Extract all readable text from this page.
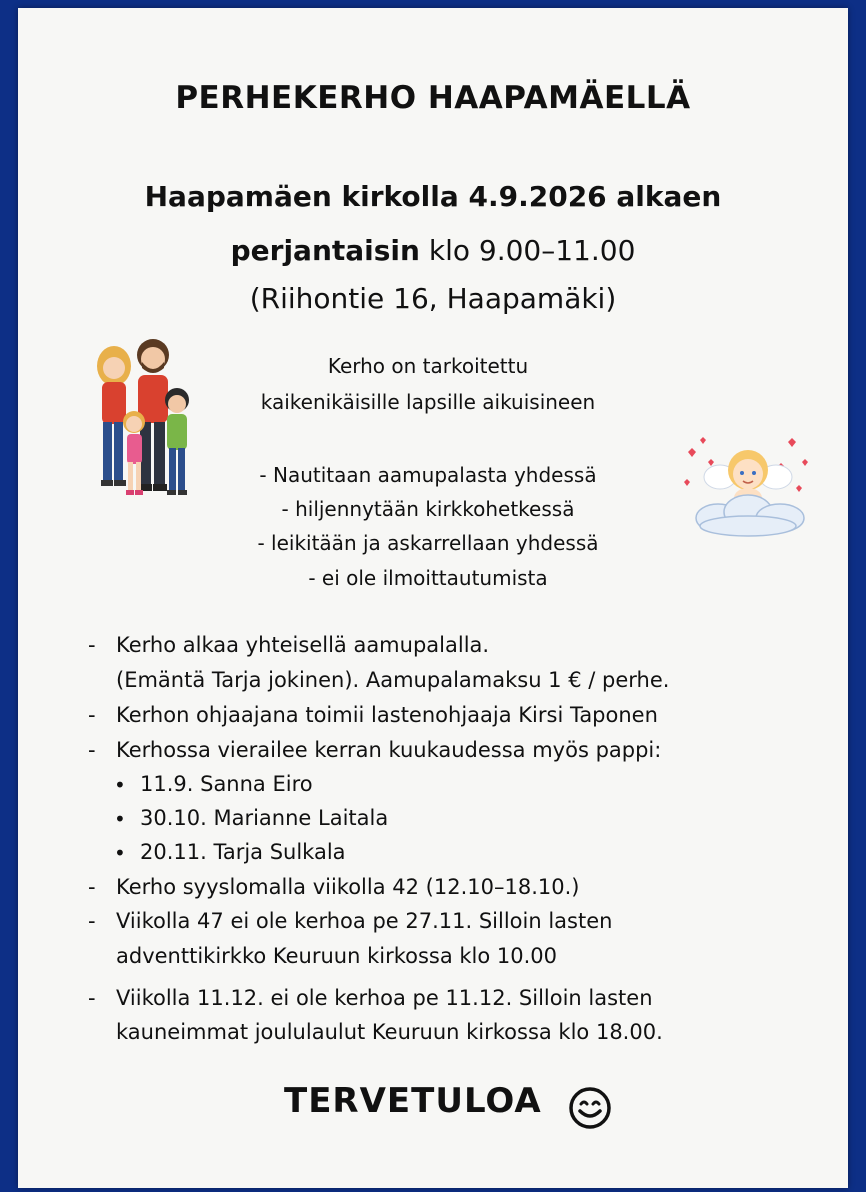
PERHEKERHO HAAPAMÄELLÄ
Haapamäen kirkolla 4.9.2026 alkaen
perjantaisin klo 9.00–11.00
(Riihontie 16, Haapamäki)
Kerho on tarkoitettu
kaikenikäisille lapsille aikuisineen
- Nautitaan aamupalasta yhdessä
- hiljennytään kirkkohetkessä
- leikitään ja askarrellaan yhdessä
- ei ole ilmoittautumista
- Kerho alkaa yhteisellä aamupalalla.
(Emäntä Tarja jokinen). Aamupalamaksu 1 € / perhe.
- Kerhon ohjaajana toimii lastenohjaaja Kirsi Taponen
- Kerhossa vierailee kerran kuukaudessa myös pappi:
• 11.9. Sanna Eiro
• 30.10. Marianne Laitala
• 20.11. Tarja Sulkala
- Kerho syyslomalla viikolla 42 (12.10–18.10.)
- Viikolla 47 ei ole kerhoa pe 27.11. Silloin lasten
adventtikirkko Keuruun kirkossa klo 10.00
- Viikolla 11.12. ei ole kerhoa pe 11.12. Silloin lasten
kauneimmat joululaulut Keuruun kirkossa klo 18.00.
TERVETULOA
